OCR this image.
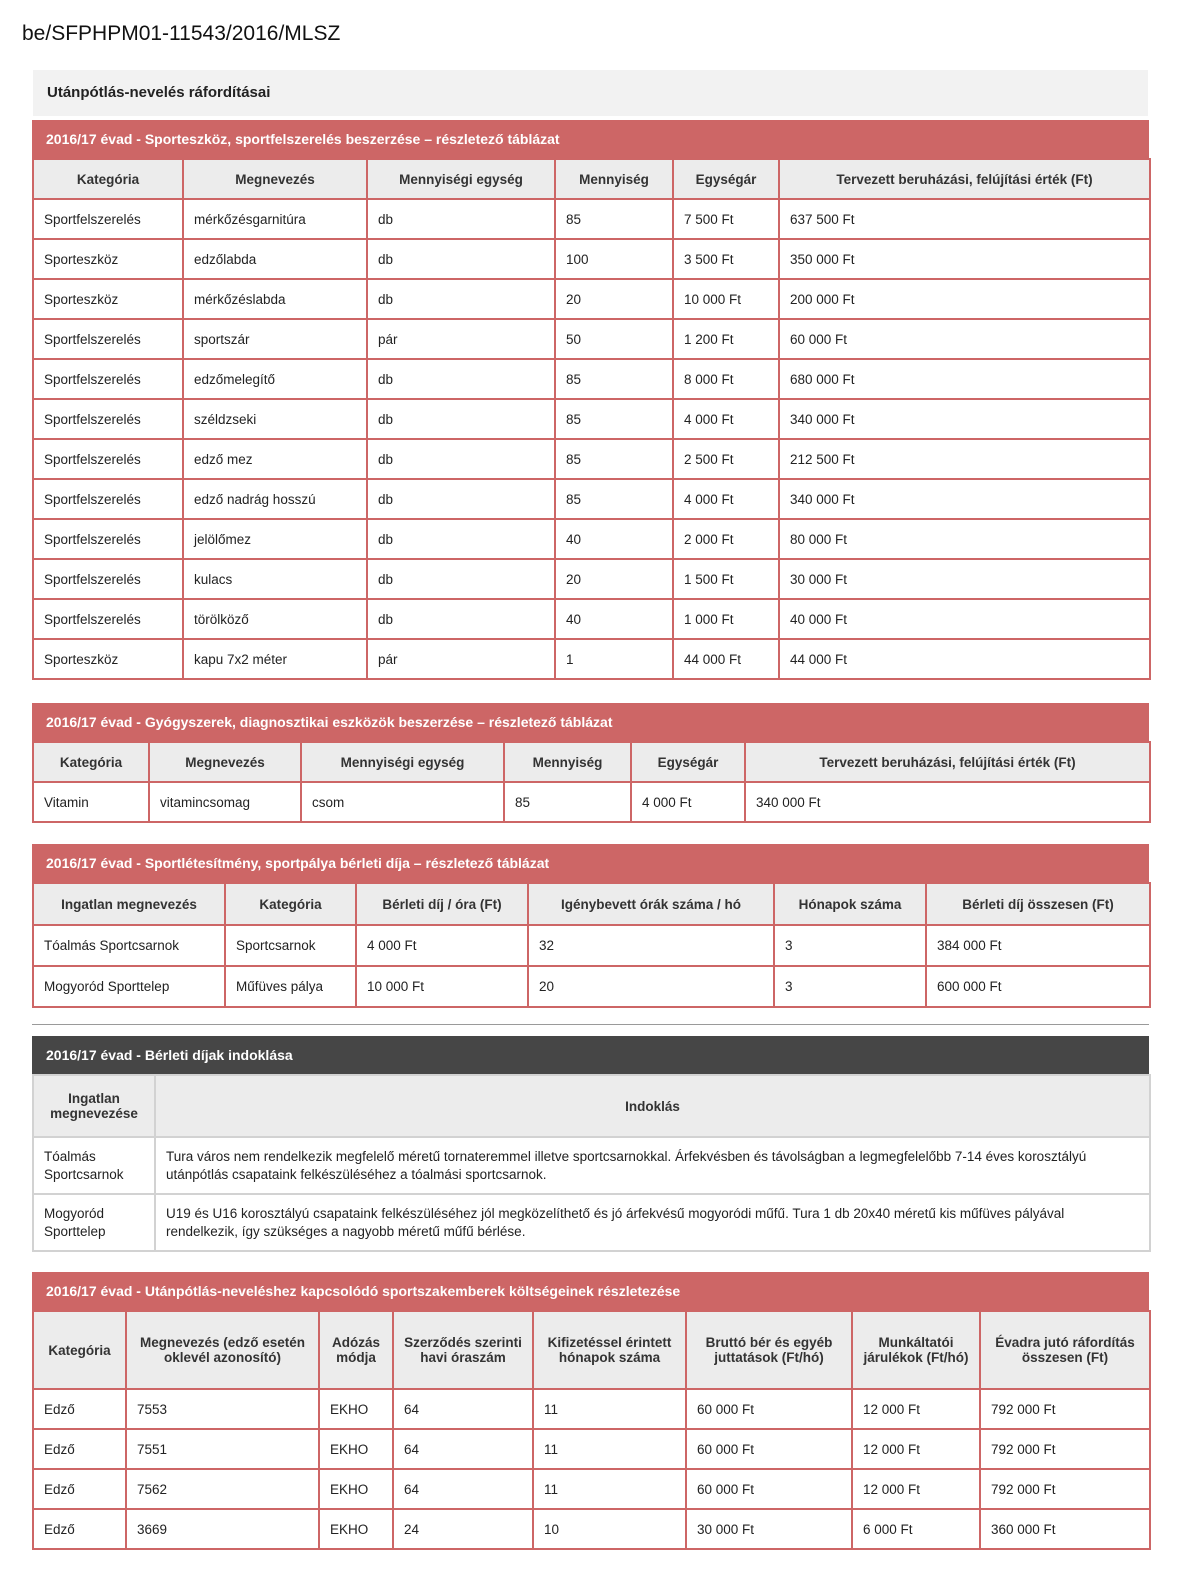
be/SFPHPM01-11543/2016/MLSZ
Utánpótlás-nevelés ráfordításai
2016/17 évad - Sporteszköz, sportfelszerelés beszerzése – részletező táblázat
Kategória	Megnevezés	Mennyiségi egység	Mennyiség	Egységár	Tervezett beruházási, felújítási érték (Ft)
Sportfelszerelés	mérkőzésgarnitúra	db	85	7 500 Ft	637 500 Ft
Sporteszköz	edzőlabda	db	100	3 500 Ft	350 000 Ft
Sporteszköz	mérkőzéslabda	db	20	10 000 Ft	200 000 Ft
Sportfelszerelés	sportszár	pár	50	1 200 Ft	60 000 Ft
Sportfelszerelés	edzőmelegítő	db	85	8 000 Ft	680 000 Ft
Sportfelszerelés	széldzseki	db	85	4 000 Ft	340 000 Ft
Sportfelszerelés	edző mez	db	85	2 500 Ft	212 500 Ft
Sportfelszerelés	edző nadrág hosszú	db	85	4 000 Ft	340 000 Ft
Sportfelszerelés	jelölőmez	db	40	2 000 Ft	80 000 Ft
Sportfelszerelés	kulacs	db	20	1 500 Ft	30 000 Ft
Sportfelszerelés	törölköző	db	40	1 000 Ft	40 000 Ft
Sporteszköz	kapu 7x2 méter	pár	1	44 000 Ft	44 000 Ft
2016/17 évad - Gyógyszerek, diagnosztikai eszközök beszerzése – részletező táblázat
Kategória	Megnevezés	Mennyiségi egység	Mennyiség	Egységár	Tervezett beruházási, felújítási érték (Ft)
Vitamin	vitamincsomag	csom	85	4 000 Ft	340 000 Ft
2016/17 évad - Sportlétesítmény, sportpálya bérleti díja – részletező táblázat
Ingatlan megnevezés	Kategória	Bérleti díj / óra (Ft)	Igénybevett órák száma / hó	Hónapok száma	Bérleti díj összesen (Ft)
Tóalmás Sportcsarnok	Sportcsarnok	4 000 Ft	32	3	384 000 Ft
Mogyoród Sporttelep	Műfüves pálya	10 000 Ft	20	3	600 000 Ft
2016/17 évad - Bérleti díjak indoklása
Ingatlan megnevezése	Indoklás
Tóalmás Sportcsarnok	Tura város nem rendelkezik megfelelő méretű tornateremmel illetve sportcsarnokkal. Árfekvésben és távolságban a legmegfelelőbb 7-14 éves korosztályú utánpótlás csapataink felkészüléséhez a tóalmási sportcsarnok.
Mogyoród Sporttelep	U19 és U16 korosztályú csapataink felkészüléséhez jól megközelíthető és jó árfekvésű mogyoródi műfű. Tura 1 db 20x40 méretű kis műfüves pályával rendelkezik, így szükséges a nagyobb méretű műfű bérlése.
2016/17 évad - Utánpótlás-neveléshez kapcsolódó sportszakemberek költségeinek részletezése
Kategória	Megnevezés (edző esetén oklevél azonosító)	Adózás módja	Szerződés szerinti havi óraszám	Kifizetéssel érintett hónapok száma	Bruttó bér és egyéb juttatások (Ft/hó)	Munkáltatói járulékok (Ft/hó)	Évadra jutó ráfordítás összesen (Ft)
Edző	7553	EKHO	64	11	60 000 Ft	12 000 Ft	792 000 Ft
Edző	7551	EKHO	64	11	60 000 Ft	12 000 Ft	792 000 Ft
Edző	7562	EKHO	64	11	60 000 Ft	12 000 Ft	792 000 Ft
Edző	3669	EKHO	24	10	30 000 Ft	6 000 Ft	360 000 Ft
